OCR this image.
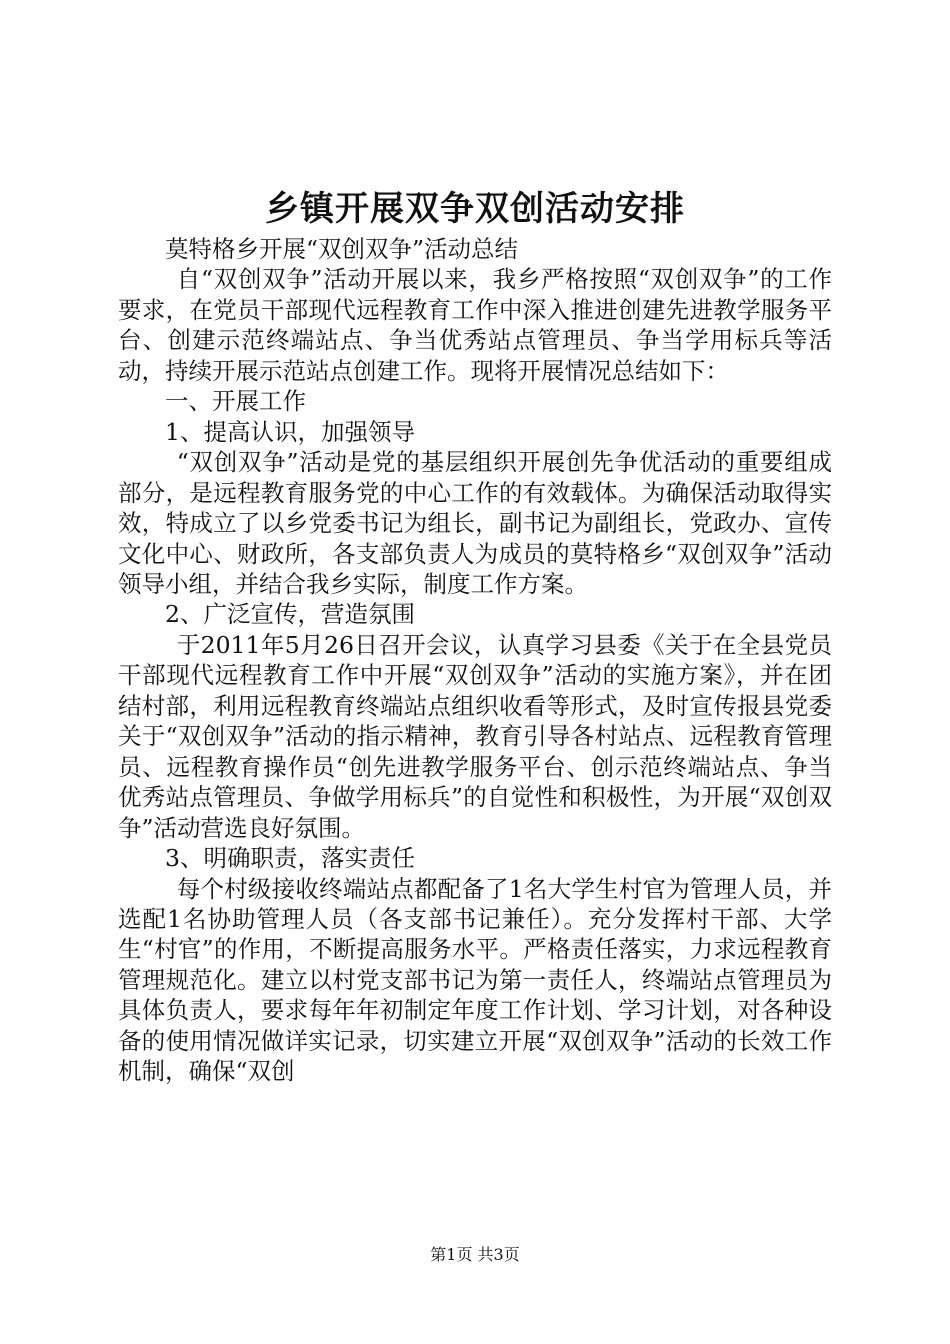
乡镇开展双争双创活动安排

莫特格乡开展“双创双争”活动总结

自“双创双争”活动开展以来，我乡严格按照“双创双争”的工作要求，在党员干部现代远程教育工作中深入推进创建先进教学服务平台、创建示范终端站点、争当优秀站点管理员、争当学用标兵等活动，持续开展示范站点创建工作。现将开展情况总结如下：

一、开展工作

1、提高认识，加强领导

“双创双争”活动是党的基层组织开展创先争优活动的重要组成部分，是远程教育服务党的中心工作的有效载体。为确保活动取得实效，特成立了以乡党委书记为组长，副书记为副组长，党政办、宣传文化中心、财政所，各支部负责人为成员的莫特格乡“双创双争”活动领导小组，并结合我乡实际，制度工作方案。

2、广泛宣传，营造氛围

于2011年5月26日召开会议，认真学习县委《关于在全县党员干部现代远程教育工作中开展“双创双争”活动的实施方案》，并在团结村部，利用远程教育终端站点组织收看等形式，及时宣传报县党委关于“双创双争”活动的指示精神，教育引导各村站点、远程教育管理员、远程教育操作员“创先进教学服务平台、创示范终端站点、争当优秀站点管理员、争做学用标兵”的自觉性和积极性，为开展“双创双争”活动营选良好氛围。

3、明确职责，落实责任

每个村级接收终端站点都配备了1名大学生村官为管理人员，并选配1名协助管理人员（各支部书记兼任）。充分发挥村干部、大学生“村官”的作用，不断提高服务水平。严格责任落实，力求远程教育管理规范化。建立以村党支部书记为第一责任人，终端站点管理员为具体负责人，要求每年年初制定年度工作计划、学习计划，对各种设备的使用情况做详实记录，切实建立开展“双创双争”活动的长效工作机制，确保“双创

第1页 共3页
